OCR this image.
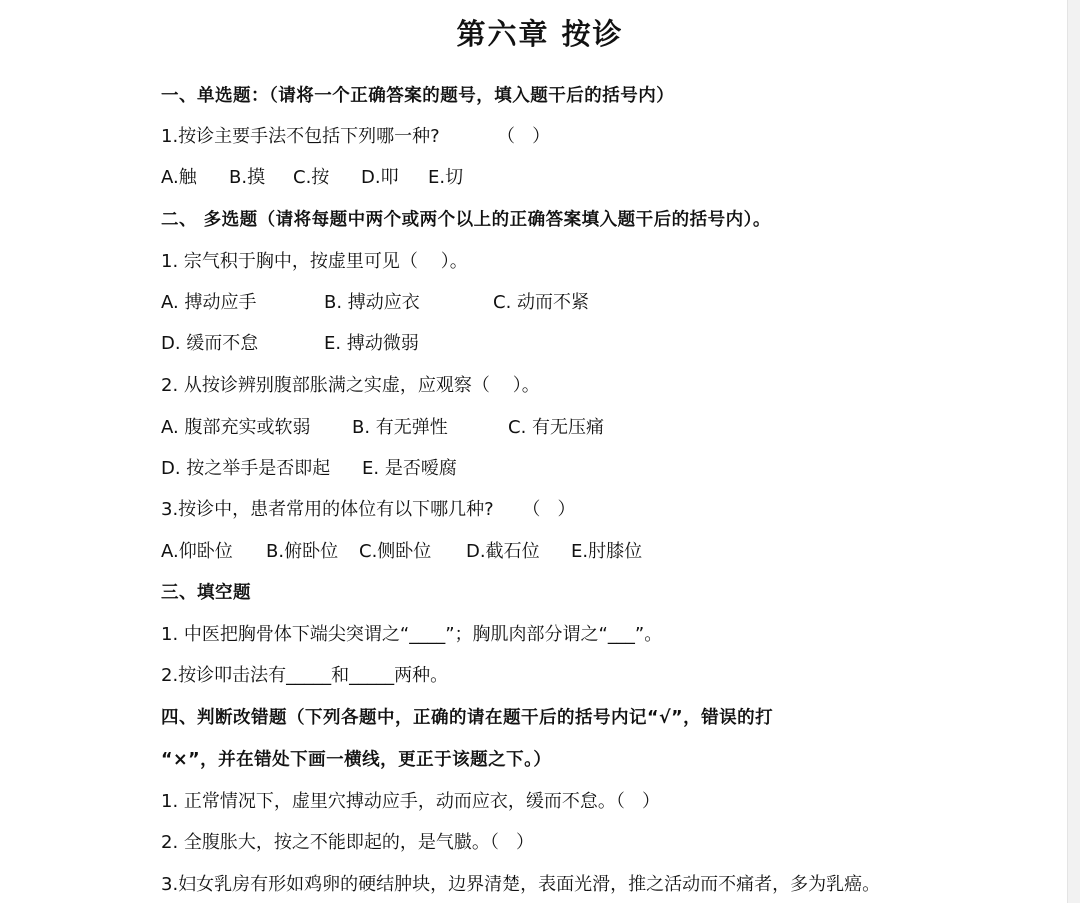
第六章 按诊
一、单选题：（请将一个正确答案的题号，填入题干后的括号内）
1.按诊主要手法不包括下列哪一种?          （   ）
A.触 B.摸 C.按 D.叩 E.切
二、 多选题（请将每题中两个或两个以上的正确答案填入题干后的括号内）。
1. 宗气积于胸中，按虚里可见（    ）。
A. 搏动应手	B. 搏动应衣	C. 动而不紧
D. 缓而不怠	E. 搏动微弱
2. 从按诊辨别腹部胀满之实虚，应观察（    ）。
A. 腹部充实或软弱 B. 有无弹性	C. 有无压痛
D. 按之举手是否即起 E. 是否嗳腐
3.按诊中，患者常用的体位有以下哪几种?     （   ）
A.仰卧位 B.俯卧位 C.侧卧位 D.截石位 E.肘膝位
三、填空题
1. 中医把胸骨体下端尖突谓之“____”；胸肌肉部分谓之“___”。
2.按诊叩击法有_____和_____两种。
四、判断改错题（下列各题中，正确的请在题干后的括号内记“√”，错误的打
“×”，并在错处下画一横线，更正于该题之下。）
1. 正常情况下，虚里穴搏动应手，动而应衣，缓而不怠。（   ）
2. 全腹胀大，按之不能即起的，是气臌。（   ）
3.妇女乳房有形如鸡卵的硬结肿块，边界清楚，表面光滑，推之活动而不痛者，多为乳癌。
